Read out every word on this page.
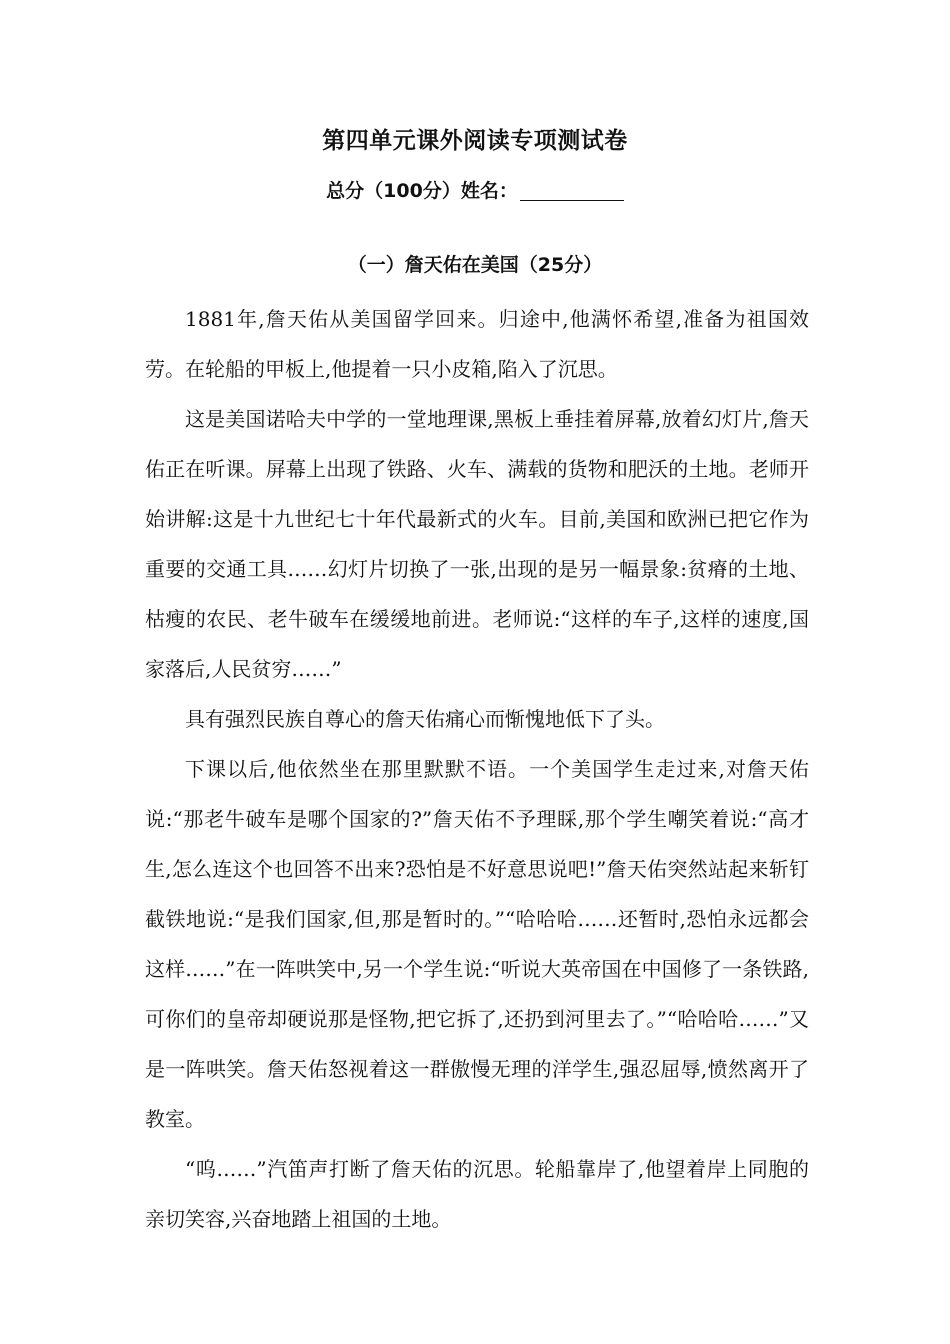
第四单元课外阅读专项测试卷
总分（100分）姓名：
（一）詹天佑在美国（25分）

1881年,詹天佑从美国留学回来。归途中,他满怀希望,准备为祖国效劳。在轮船的甲板上,他提着一只小皮箱,陷入了沉思。

这是美国诺哈夫中学的一堂地理课,黑板上垂挂着屏幕,放着幻灯片,詹天佑正在听课。屏幕上出现了铁路、火车、满载的货物和肥沃的土地。老师开始讲解:这是十九世纪七十年代最新式的火车。目前,美国和欧洲已把它作为重要的交通工具……幻灯片切换了一张,出现的是另一幅景象:贫瘠的土地、枯瘦的农民、老牛破车在缓缓地前进。老师说:“这样的车子,这样的速度,国家落后,人民贫穷……”

具有强烈民族自尊心的詹天佑痛心而惭愧地低下了头。

下课以后,他依然坐在那里默默不语。一个美国学生走过来,对詹天佑说:“那老牛破车是哪个国家的?”詹天佑不予理睬,那个学生嘲笑着说:“高才生,怎么连这个也回答不出来?恐怕是不好意思说吧!”詹天佑突然站起来斩钉截铁地说:“是我们国家,但,那是暂时的。”“哈哈哈……还暂时,恐怕永远都会这样……”在一阵哄笑中,另一个学生说:“听说大英帝国在中国修了一条铁路,可你们的皇帝却硬说那是怪物,把它拆了,还扔到河里去了。”“哈哈哈……”又是一阵哄笑。詹天佑怒视着这一群傲慢无理的洋学生,强忍屈辱,愤然离开了教室。

“呜……”汽笛声打断了詹天佑的沉思。轮船靠岸了,他望着岸上同胞的亲切笑容,兴奋地踏上祖国的土地。
